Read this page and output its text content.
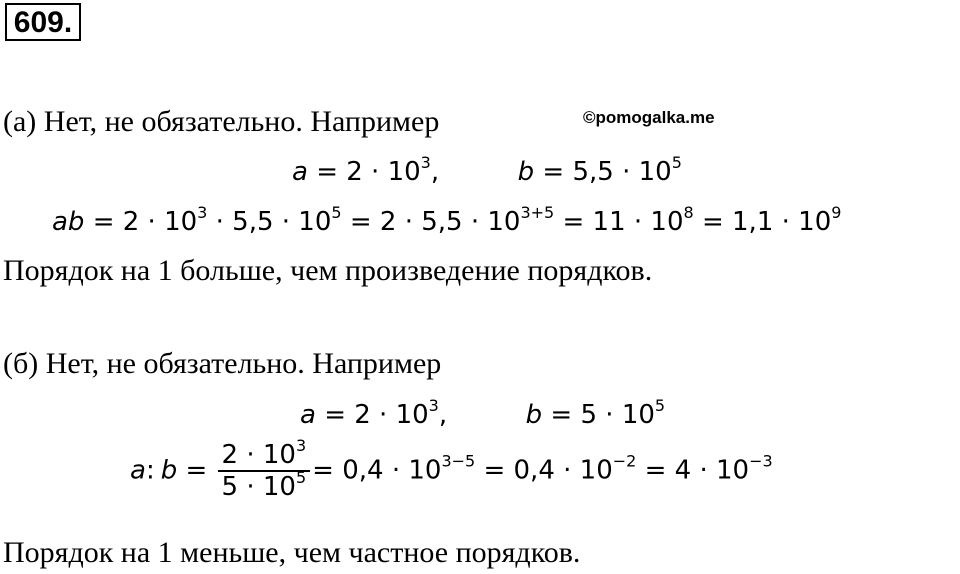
609.
(а) Нет, не обязательно. Например	©pomogalka.me
$a = 2 \cdot 10^3$,	$b = 5,5 \cdot 10^5$
ab = $2 \cdot 10^3 \cdot 5,5 \cdot 10^5 = 2 \cdot 5,5 \cdot 10^{3+5} = 11 \cdot 10^8 = 1,1 \cdot 10^9$
Порядок на 1 больше, чем произведение порядков.
(б) Нет, не обязательно. Например
$a = 2 \cdot 10^3$,	$b = 5 \cdot 10^5$
a: $b = \frac{2 \cdot 10^3}{5 \cdot 10^5} = 0,4 \cdot 10^{3-5} = 0,4 \cdot 10^{-2} = 4 \cdot 10^{-3}$
Порядок на 1 меньше, чем частное порядков.
